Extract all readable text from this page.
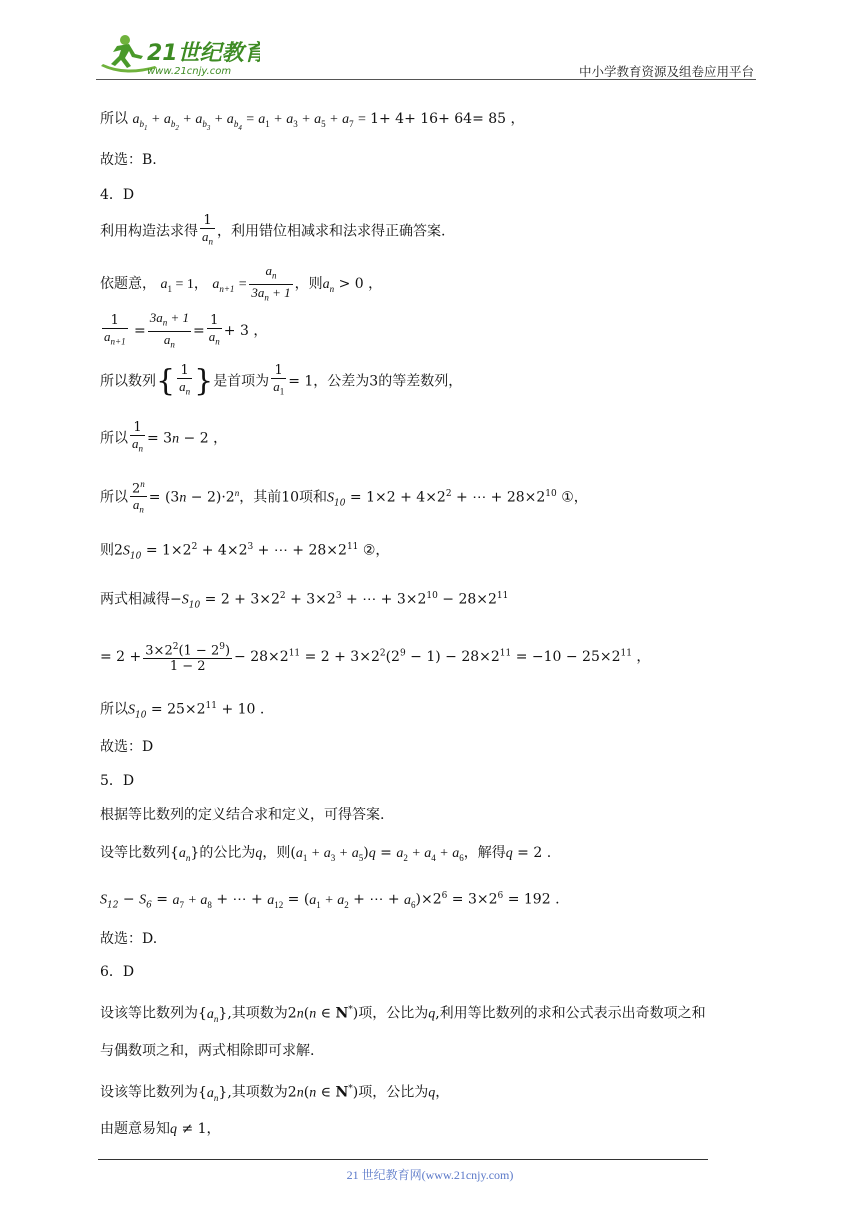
21世纪教育
www.21cnjy.com	中小学教育资源及组卷应用平台
所以 $a_{b_1} + a_{b_2} + a_{b_3} + a_{b_4} = a_1 + a_3 + a_5 + a_7 = 1+ 4+ 16+ 64= 85$ ，
故选：B.
4．D
利用构造法求得 $\frac{1}{a_n}$ ，利用错位相减求和法求得正确答案.
依题意， $a_1 = 1$， $a_{n+1} = \frac{a_n}{3a_n + 1}$ ，则$a_n > 0$ ，
$\frac{1}{a_{n+1}} = \frac{3a_n + 1}{a_n} = \frac{1}{a_n} + 3$ ，
所以数列{ $\frac{1}{a_n}$ }是首项为 $\frac{1}{a_1} = 1$，公差为3的等差数列，
所以 $\frac{1}{a_n} = 3n - 2$ ，
所以 $\frac{2^n}{a_n} = (3n - 2)\cdot 2^n$，其前10项和$S_{10} = 1\times 2 + 4\times 2^2$ + ⋯ + $28\times 2^{10}$ ①，
则$2S_{10} = 1\times 2^2 + 4\times 2^3$ + ⋯ + $28\times 2^{11}$ ②，
两式相减得$-S_{10} = 2 + 3\times 2^2 + 3\times 2^3$ + ⋯ + $3\times 2^{10} - 28\times 2^{11}$
= $2 + \frac{3\times 2^2(1 - 2^9)}{1 - 2} - 28\times 2^{11} = 2 + 3\times 2^2(2^9 - 1) - 28\times 2^{11} = -10 - 25\times 2^{11}$ ，
所以$S_{10} = 25\times 2^{11} + 10$ .
故选：D
5．D
根据等比数列的定义结合求和定义，可得答案.
设等比数列$\{a_n\}$的公比为q，则$(a_1 + a_3 + a_5)q = a_2 + a_4 + a_6$，解得q = 2 .
$S_{12} - S_6 = a_7 + a_8$ + ⋯ + $a_{12} = (a_1 + a_2$ + ⋯ + $a_6)\times 2^6 = 3\times 2^6 = 192$ .
故选：D.
6．D
设该等比数列为$\{a_n\}$,其项数为2n(n ∈ N*)项，公比为q,利用等比数列的求和公式表示出奇数项之和
与偶数项之和，两式相除即可求解.
设该等比数列为$\{a_n\}$,其项数为2n(n ∈ N*)项，公比为q，
由题意易知q ≠ 1，
21 世纪教育网(www.21cnjy.com)
